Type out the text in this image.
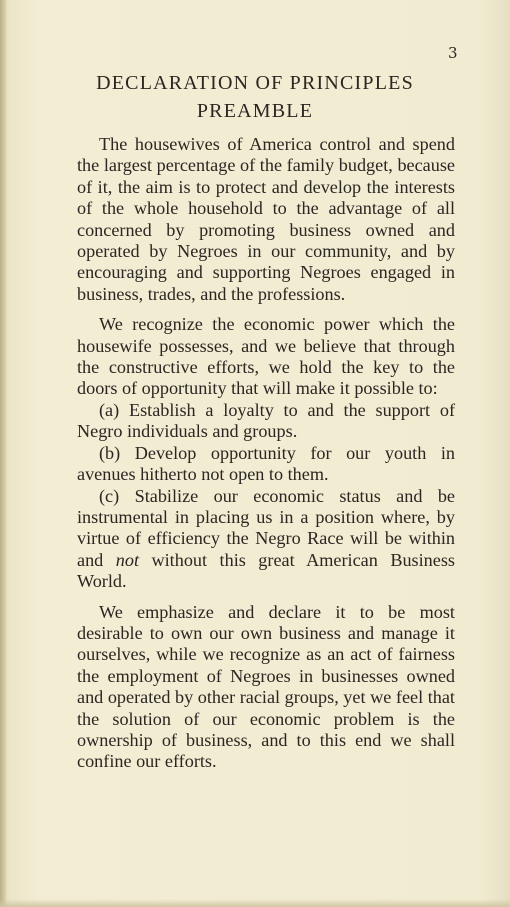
3
DECLARATION OF PRINCIPLES
PREAMBLE

The housewives of America control and spend the largest percentage of the family budget, because of it, the aim is to protect and develop the interests of the whole household to the advantage of all concerned by promoting business owned and operated by Negroes in our community, and by encouraging and supporting Negroes engaged in business, trades, and the professions.

We recognize the economic power which the housewife possesses, and we believe that through the constructive efforts, we hold the key to the doors of opportunity that will make it possible to:

(a) Establish a loyalty to and the support of Negro individuals and groups.

(b) Develop opportunity for our youth in avenues hitherto not open to them.

(c) Stabilize our economic status and be instrumental in placing us in a position where, by virtue of efficiency the Negro Race will be within and not without this great American Business World.

We emphasize and declare it to be most desirable to own our own business and manage it ourselves, while we recognize as an act of fairness the employment of Negroes in businesses owned and operated by other racial groups, yet we feel that the solution of our economic problem is the ownership of business, and to this end we shall confine our efforts.
